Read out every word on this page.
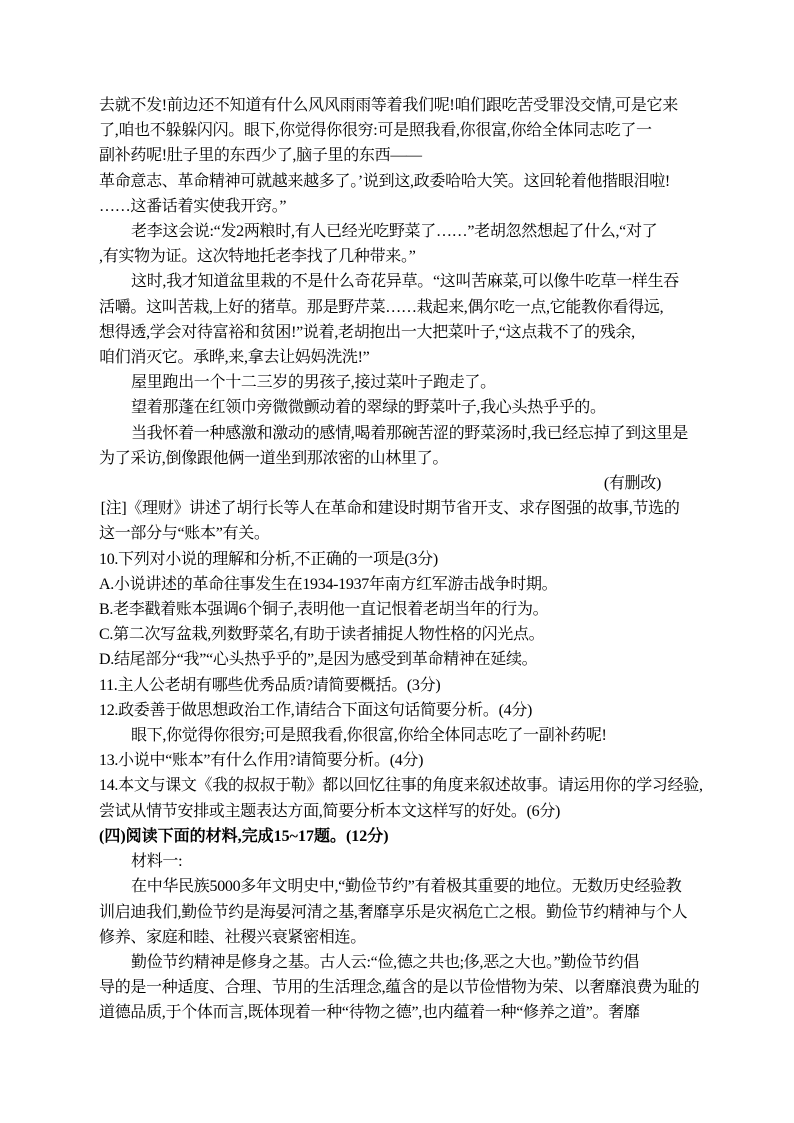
去就不发!前边还不知道有什么风风雨雨等着我们呢!咱们跟吃苦受罪没交情,可是它来
了,咱也不躲躲闪闪。眼下,你觉得你很穷:可是照我看,你很富,你给全体同志吃了一
副补药呢!肚子里的东西少了,脑子里的东西——
革命意志、革命精神可就越来越多了。’说到这,政委哈哈大笑。这回轮着他揩眼泪啦!
……这番话着实使我开窍。”
老李这会说:“发2两粮时,有人已经光吃野菜了……”老胡忽然想起了什么,“对了
,有实物为证。这次特地托老李找了几种带来。”
这时,我才知道盆里栽的不是什么奇花异草。“这叫苦麻菜,可以像牛吃草一样生吞
活嚼。这叫苦栽,上好的猪草。那是野芹菜……栽起来,偶尔吃一点,它能教你看得远,
想得透,学会对待富裕和贫困!”说着,老胡抱出一大把菜叶子,“这点栽不了的残余,
咱们消灭它。承晔,来,拿去让妈妈洗洗!”
屋里跑出一个十二三岁的男孩子,接过菜叶子跑走了。
望着那蓬在红领巾旁微微颤动着的翠绿的野菜叶子,我心头热乎乎的。
当我怀着一种感激和激动的感情,喝着那碗苦涩的野菜汤时,我已经忘掉了到这里是
为了采访,倒像跟他俩一道坐到那浓密的山林里了。
(有删改)
[注]《理财》讲述了胡行长等人在革命和建设时期节省开支、求存图强的故事,节选的
这一部分与“账本”有关。
10.下列对小说的理解和分析,不正确的一项是(3分)
A.小说讲述的革命往事发生在1934-1937年南方红军游击战争时期。
B.老李戳着账本强调6个铜子,表明他一直记恨着老胡当年的行为。
C.第二次写盆栽,列数野菜名,有助于读者捕捉人物性格的闪光点。
D.结尾部分“我”“心头热乎乎的”,是因为感受到革命精神在延续。
11.主人公老胡有哪些优秀品质?请简要概括。(3分)
12.政委善于做思想政治工作,请结合下面这句话简要分析。(4分)
眼下,你觉得你很穷;可是照我看,你很富,你给全体同志吃了一副补药呢!
13.小说中“账本”有什么作用?请简要分析。(4分)
14.本文与课文《我的叔叔于勒》都以回忆往事的角度来叙述故事。请运用你的学习经验,
尝试从情节安排或主题表达方面,简要分析本文这样写的好处。(6分)
(四)阅读下面的材料,完成15~17题。(12分)
材料一:
在中华民族5000多年文明史中,“勤俭节约”有着极其重要的地位。无数历史经验教
训启迪我们,勤俭节约是海晏河清之基,奢靡享乐是灾祸危亡之根。勤俭节约精神与个人
修养、家庭和睦、社稷兴衰紧密相连。
勤俭节约精神是修身之基。古人云:“俭,德之共也;侈,恶之大也。”勤俭节约倡
导的是一种适度、合理、节用的生活理念,蕴含的是以节俭惜物为荣、以奢靡浪费为耻的
道德品质,于个体而言,既体现着一种“待物之德”,也内蕴着一种“修养之道”。奢靡
